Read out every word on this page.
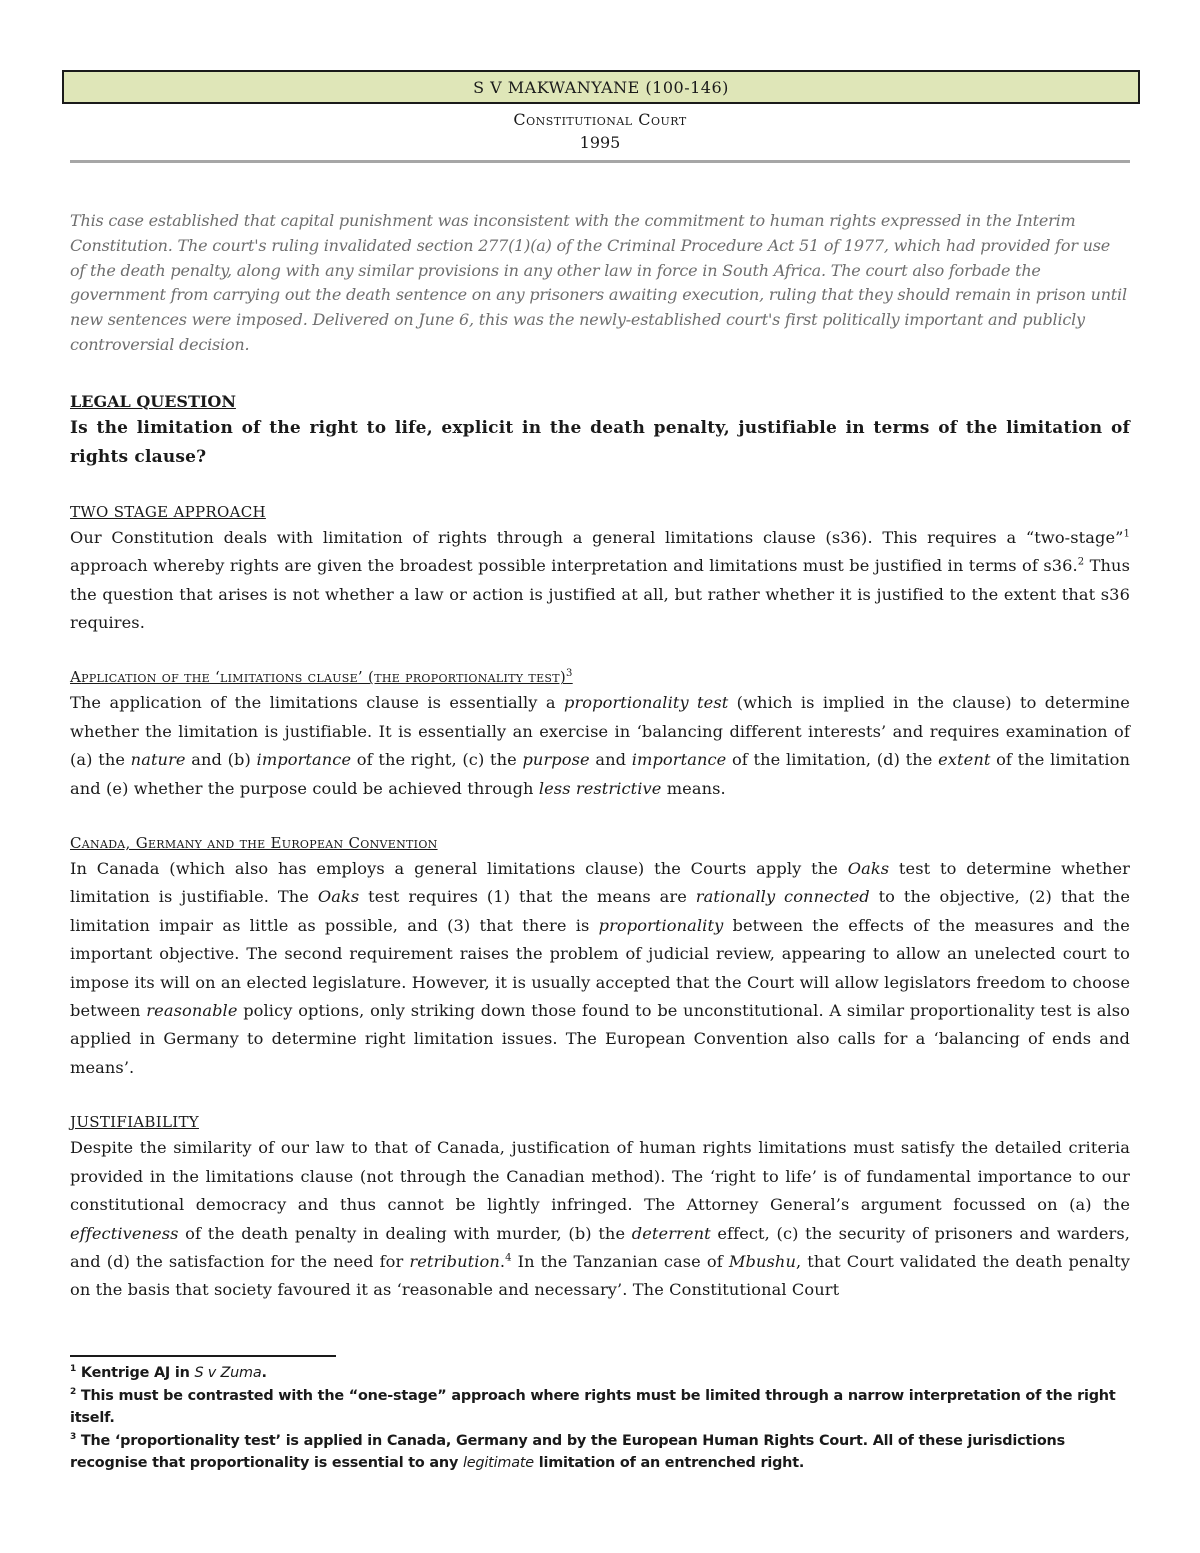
S V MAKWANYANE (100-146)
Constitutional Court
1995
This case established that capital punishment was inconsistent with the commitment to human rights expressed in the Interim Constitution. The court's ruling invalidated section 277(1)(a) of the Criminal Procedure Act 51 of 1977, which had provided for use of the death penalty, along with any similar provisions in any other law in force in South Africa. The court also forbade the government from carrying out the death sentence on any prisoners awaiting execution, ruling that they should remain in prison until new sentences were imposed. Delivered on June 6, this was the newly-established court's first politically important and publicly controversial decision.
LEGAL QUESTION
Is the limitation of the right to life, explicit in the death penalty, justifiable in terms of the limitation of rights clause?
TWO STAGE APPROACH
Our Constitution deals with limitation of rights through a general limitations clause (s36). This requires a “two-stage”$^1$ approach whereby rights are given the broadest possible interpretation and limitations must be justified in terms of s36.$^2$ Thus the question that arises is not whether a law or action is justified at all, but rather whether it is justified to the extent that s36 requires.
Application of the ‘limitations clause’ (the proportionality test)$^3$
The application of the limitations clause is essentially a proportionality test (which is implied in the clause) to determine whether the limitation is justifiable. It is essentially an exercise in ‘balancing different interests’ and requires examination of (a) the nature and (b) importance of the right, (c) the purpose and importance of the limitation, (d) the extent of the limitation and (e) whether the purpose could be achieved through less restrictive means.
Canada, Germany and the European Convention
In Canada (which also has employs a general limitations clause) the Courts apply the Oaks test to determine whether limitation is justifiable. The Oaks test requires (1) that the means are rationally connected to the objective, (2) that the limitation impair as little as possible, and (3) that there is proportionality between the effects of the measures and the important objective. The second requirement raises the problem of judicial review, appearing to allow an unelected court to impose its will on an elected legislature. However, it is usually accepted that the Court will allow legislators freedom to choose between reasonable policy options, only striking down those found to be unconstitutional. A similar proportionality test is also applied in Germany to determine right limitation issues. The European Convention also calls for a ‘balancing of ends and means’.
JUSTIFIABILITY
Despite the similarity of our law to that of Canada, justification of human rights limitations must satisfy the detailed criteria provided in the limitations clause (not through the Canadian method). The ‘right to life’ is of fundamental importance to our constitutional democracy and thus cannot be lightly infringed. The Attorney General’s argument focussed on (a) the effectiveness of the death penalty in dealing with murder, (b) the deterrent effect, (c) the security of prisoners and warders, and (d) the satisfaction for the need for retribution.$^4$ In the Tanzanian case of Mbushu, that Court validated the death penalty on the basis that society favoured it as ‘reasonable and necessary’. The Constitutional Court
$^1$ Kentrige AJ in S v Zuma.
$^2$ This must be contrasted with the “one-stage” approach where rights must be limited through a narrow interpretation of the right itself.
$^3$ The ‘proportionality test’ is applied in Canada, Germany and by the European Human Rights Court. All of these jurisdictions recognise that proportionality is essential to any legitimate limitation of an entrenched right.
